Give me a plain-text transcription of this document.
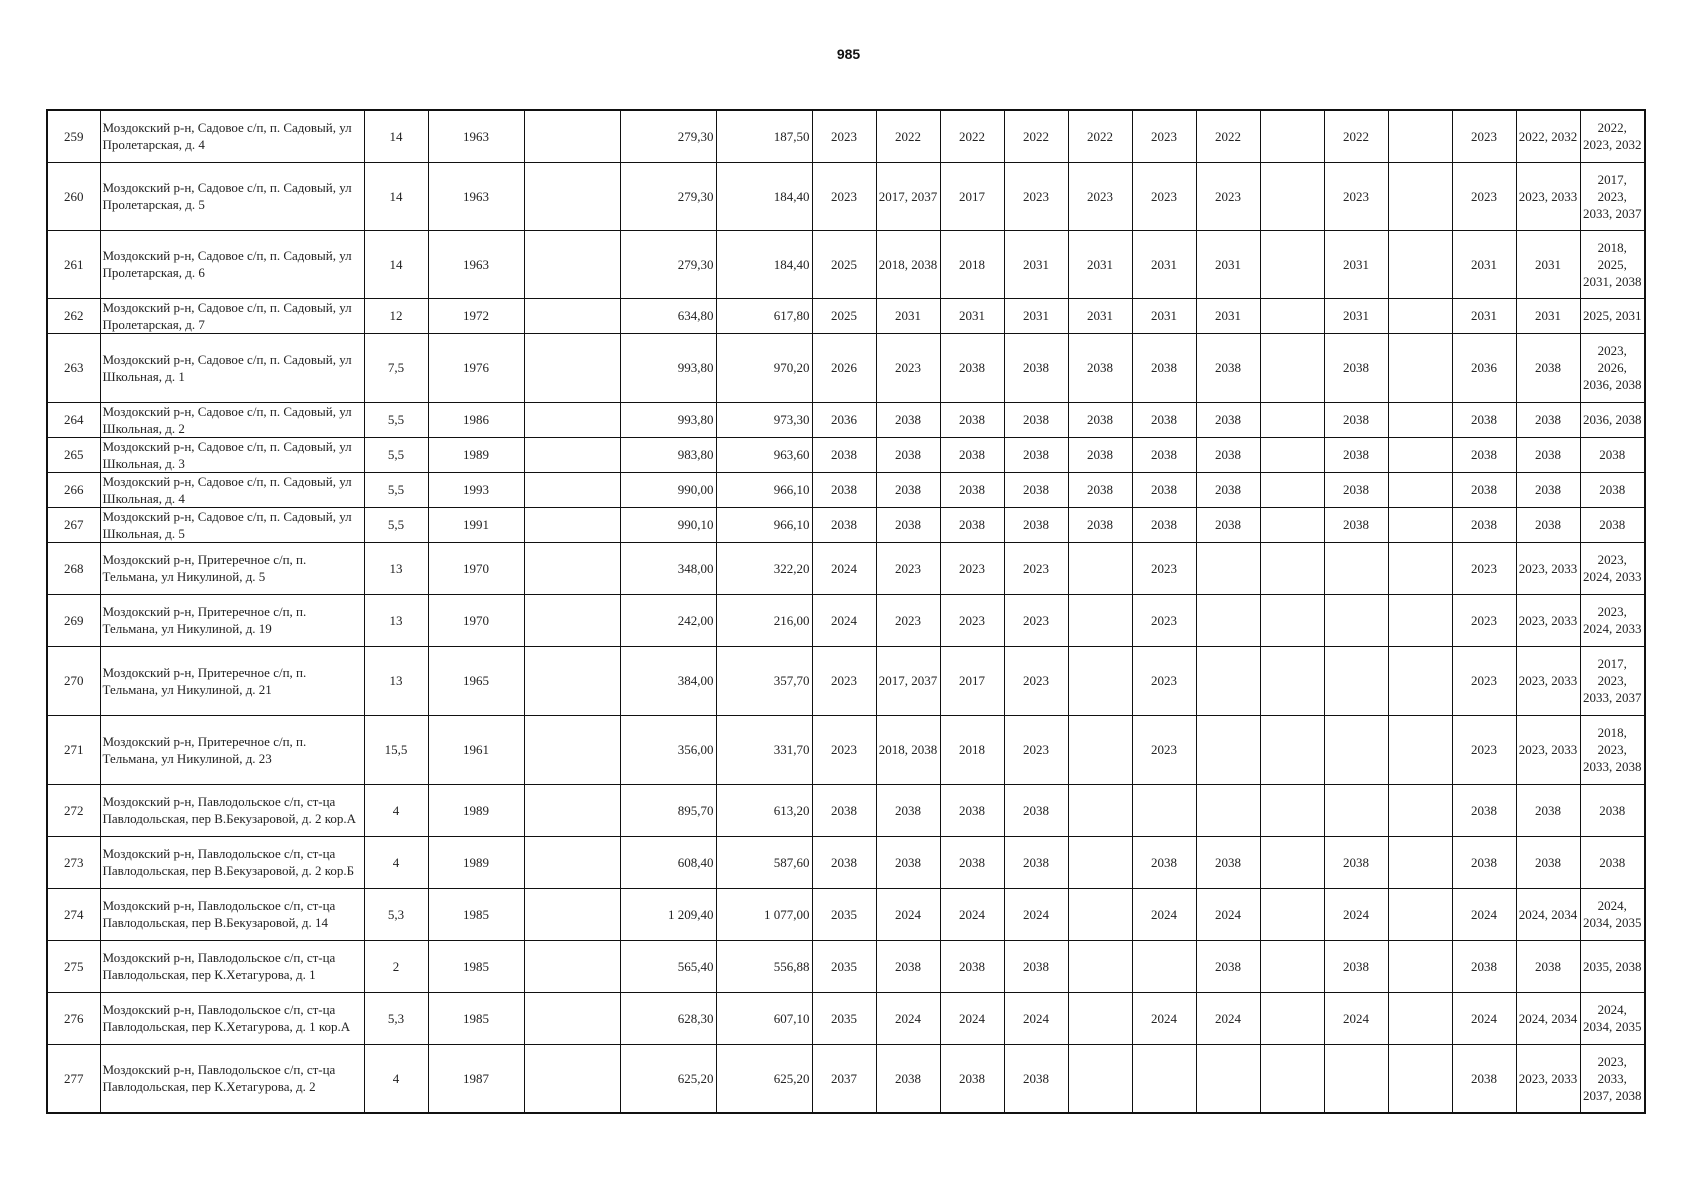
985
259	Моздокский р-н, Садовое с/п, п. Садовый, ул Пролетарская, д. 4	14	1963		279,30	187,50	2023	2022	2022	2022	2022	2023	2022		2022		2023	2022, 2032	2022, 2023, 2032
260	Моздокский р-н, Садовое с/п, п. Садовый, ул Пролетарская, д. 5	14	1963		279,30	184,40	2023	2017, 2037	2017	2023	2023	2023	2023		2023		2023	2023, 2033	2017, 2023, 2033, 2037
261	Моздокский р-н, Садовое с/п, п. Садовый, ул Пролетарская, д. 6	14	1963		279,30	184,40	2025	2018, 2038	2018	2031	2031	2031	2031		2031		2031	2031	2018, 2025, 2031, 2038
262	Моздокский р-н, Садовое с/п, п. Садовый, ул Пролетарская, д. 7	12	1972		634,80	617,80	2025	2031	2031	2031	2031	2031	2031		2031		2031	2031	2025, 2031
263	Моздокский р-н, Садовое с/п, п. Садовый, ул Школьная, д. 1	7,5	1976		993,80	970,20	2026	2023	2038	2038	2038	2038	2038		2038		2036	2038	2023, 2026, 2036, 2038
264	Моздокский р-н, Садовое с/п, п. Садовый, ул Школьная, д. 2	5,5	1986		993,80	973,30	2036	2038	2038	2038	2038	2038	2038		2038		2038	2038	2036, 2038
265	Моздокский р-н, Садовое с/п, п. Садовый, ул Школьная, д. 3	5,5	1989		983,80	963,60	2038	2038	2038	2038	2038	2038	2038		2038		2038	2038	2038
266	Моздокский р-н, Садовое с/п, п. Садовый, ул Школьная, д. 4	5,5	1993		990,00	966,10	2038	2038	2038	2038	2038	2038	2038		2038		2038	2038	2038
267	Моздокский р-н, Садовое с/п, п. Садовый, ул Школьная, д. 5	5,5	1991		990,10	966,10	2038	2038	2038	2038	2038	2038	2038		2038		2038	2038	2038
268	Моздокский р-н, Притеречное с/п, п. Тельмана, ул Никулиной, д. 5	13	1970		348,00	322,20	2024	2023	2023	2023		2023					2023	2023, 2033	2023, 2024, 2033
269	Моздокский р-н, Притеречное с/п, п. Тельмана, ул Никулиной, д. 19	13	1970		242,00	216,00	2024	2023	2023	2023		2023					2023	2023, 2033	2023, 2024, 2033
270	Моздокский р-н, Притеречное с/п, п. Тельмана, ул Никулиной, д. 21	13	1965		384,00	357,70	2023	2017, 2037	2017	2023		2023					2023	2023, 2033	2017, 2023, 2033, 2037
271	Моздокский р-н, Притеречное с/п, п. Тельмана, ул Никулиной, д. 23	15,5	1961		356,00	331,70	2023	2018, 2038	2018	2023		2023					2023	2023, 2033	2018, 2023, 2033, 2038
272	Моздокский р-н, Павлодольское с/п, ст-ца Павлодольская, пер В.Бекузаровой, д. 2 кор.А	4	1989		895,70	613,20	2038	2038	2038	2038							2038	2038	2038
273	Моздокский р-н, Павлодольское с/п, ст-ца Павлодольская, пер В.Бекузаровой, д. 2 кор.Б	4	1989		608,40	587,60	2038	2038	2038	2038		2038	2038		2038		2038	2038	2038
274	Моздокский р-н, Павлодольское с/п, ст-ца Павлодольская, пер В.Бекузаровой, д. 14	5,3	1985		1 209,40	1 077,00	2035	2024	2024	2024		2024	2024		2024		2024	2024, 2034	2024, 2034, 2035
275	Моздокский р-н, Павлодольское с/п, ст-ца Павлодольская, пер К.Хетагурова, д. 1	2	1985		565,40	556,88	2035	2038	2038	2038			2038		2038		2038	2038	2035, 2038
276	Моздокский р-н, Павлодольское с/п, ст-ца Павлодольская, пер К.Хетагурова, д. 1 кор.А	5,3	1985		628,30	607,10	2035	2024	2024	2024		2024	2024		2024		2024	2024, 2034	2024, 2034, 2035
277	Моздокский р-н, Павлодольское с/п, ст-ца Павлодольская, пер К.Хетагурова, д. 2	4	1987		625,20	625,20	2037	2038	2038	2038							2038	2023, 2033	2023, 2033, 2037, 2038
